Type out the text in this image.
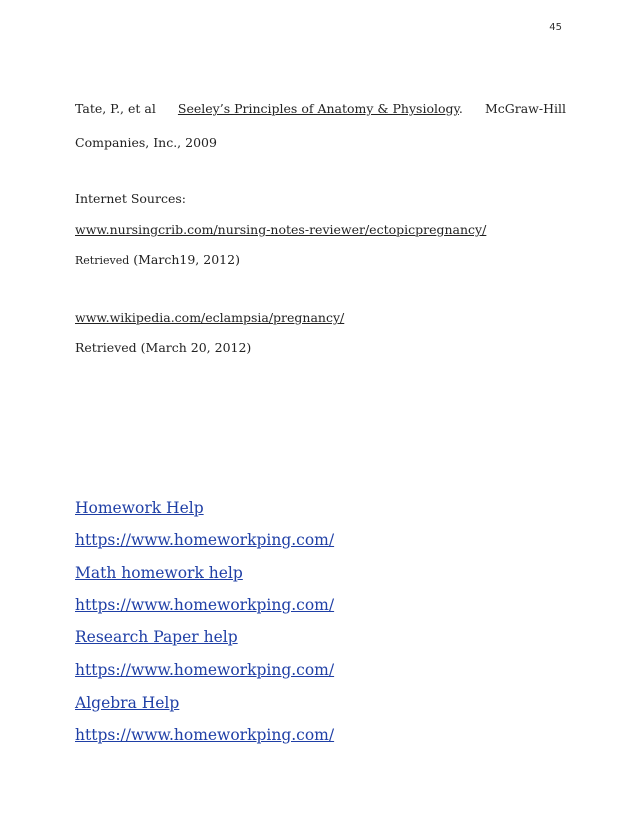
45
Tate, P., et al Seeley’s Principles of Anatomy & Physiology. McGraw-Hill
Companies, Inc., 2009
Internet Sources:
www.nursingcrib.com/nursing-notes-reviewer/ectopicpregnancy/
Retrieved (March19, 2012)
www.wikipedia.com/eclampsia/pregnancy/
Retrieved (March 20, 2012)
Homework Help
https://www.homeworkping.com/
Math homework help
https://www.homeworkping.com/
Research Paper help
https://www.homeworkping.com/
Algebra Help
https://www.homeworkping.com/
